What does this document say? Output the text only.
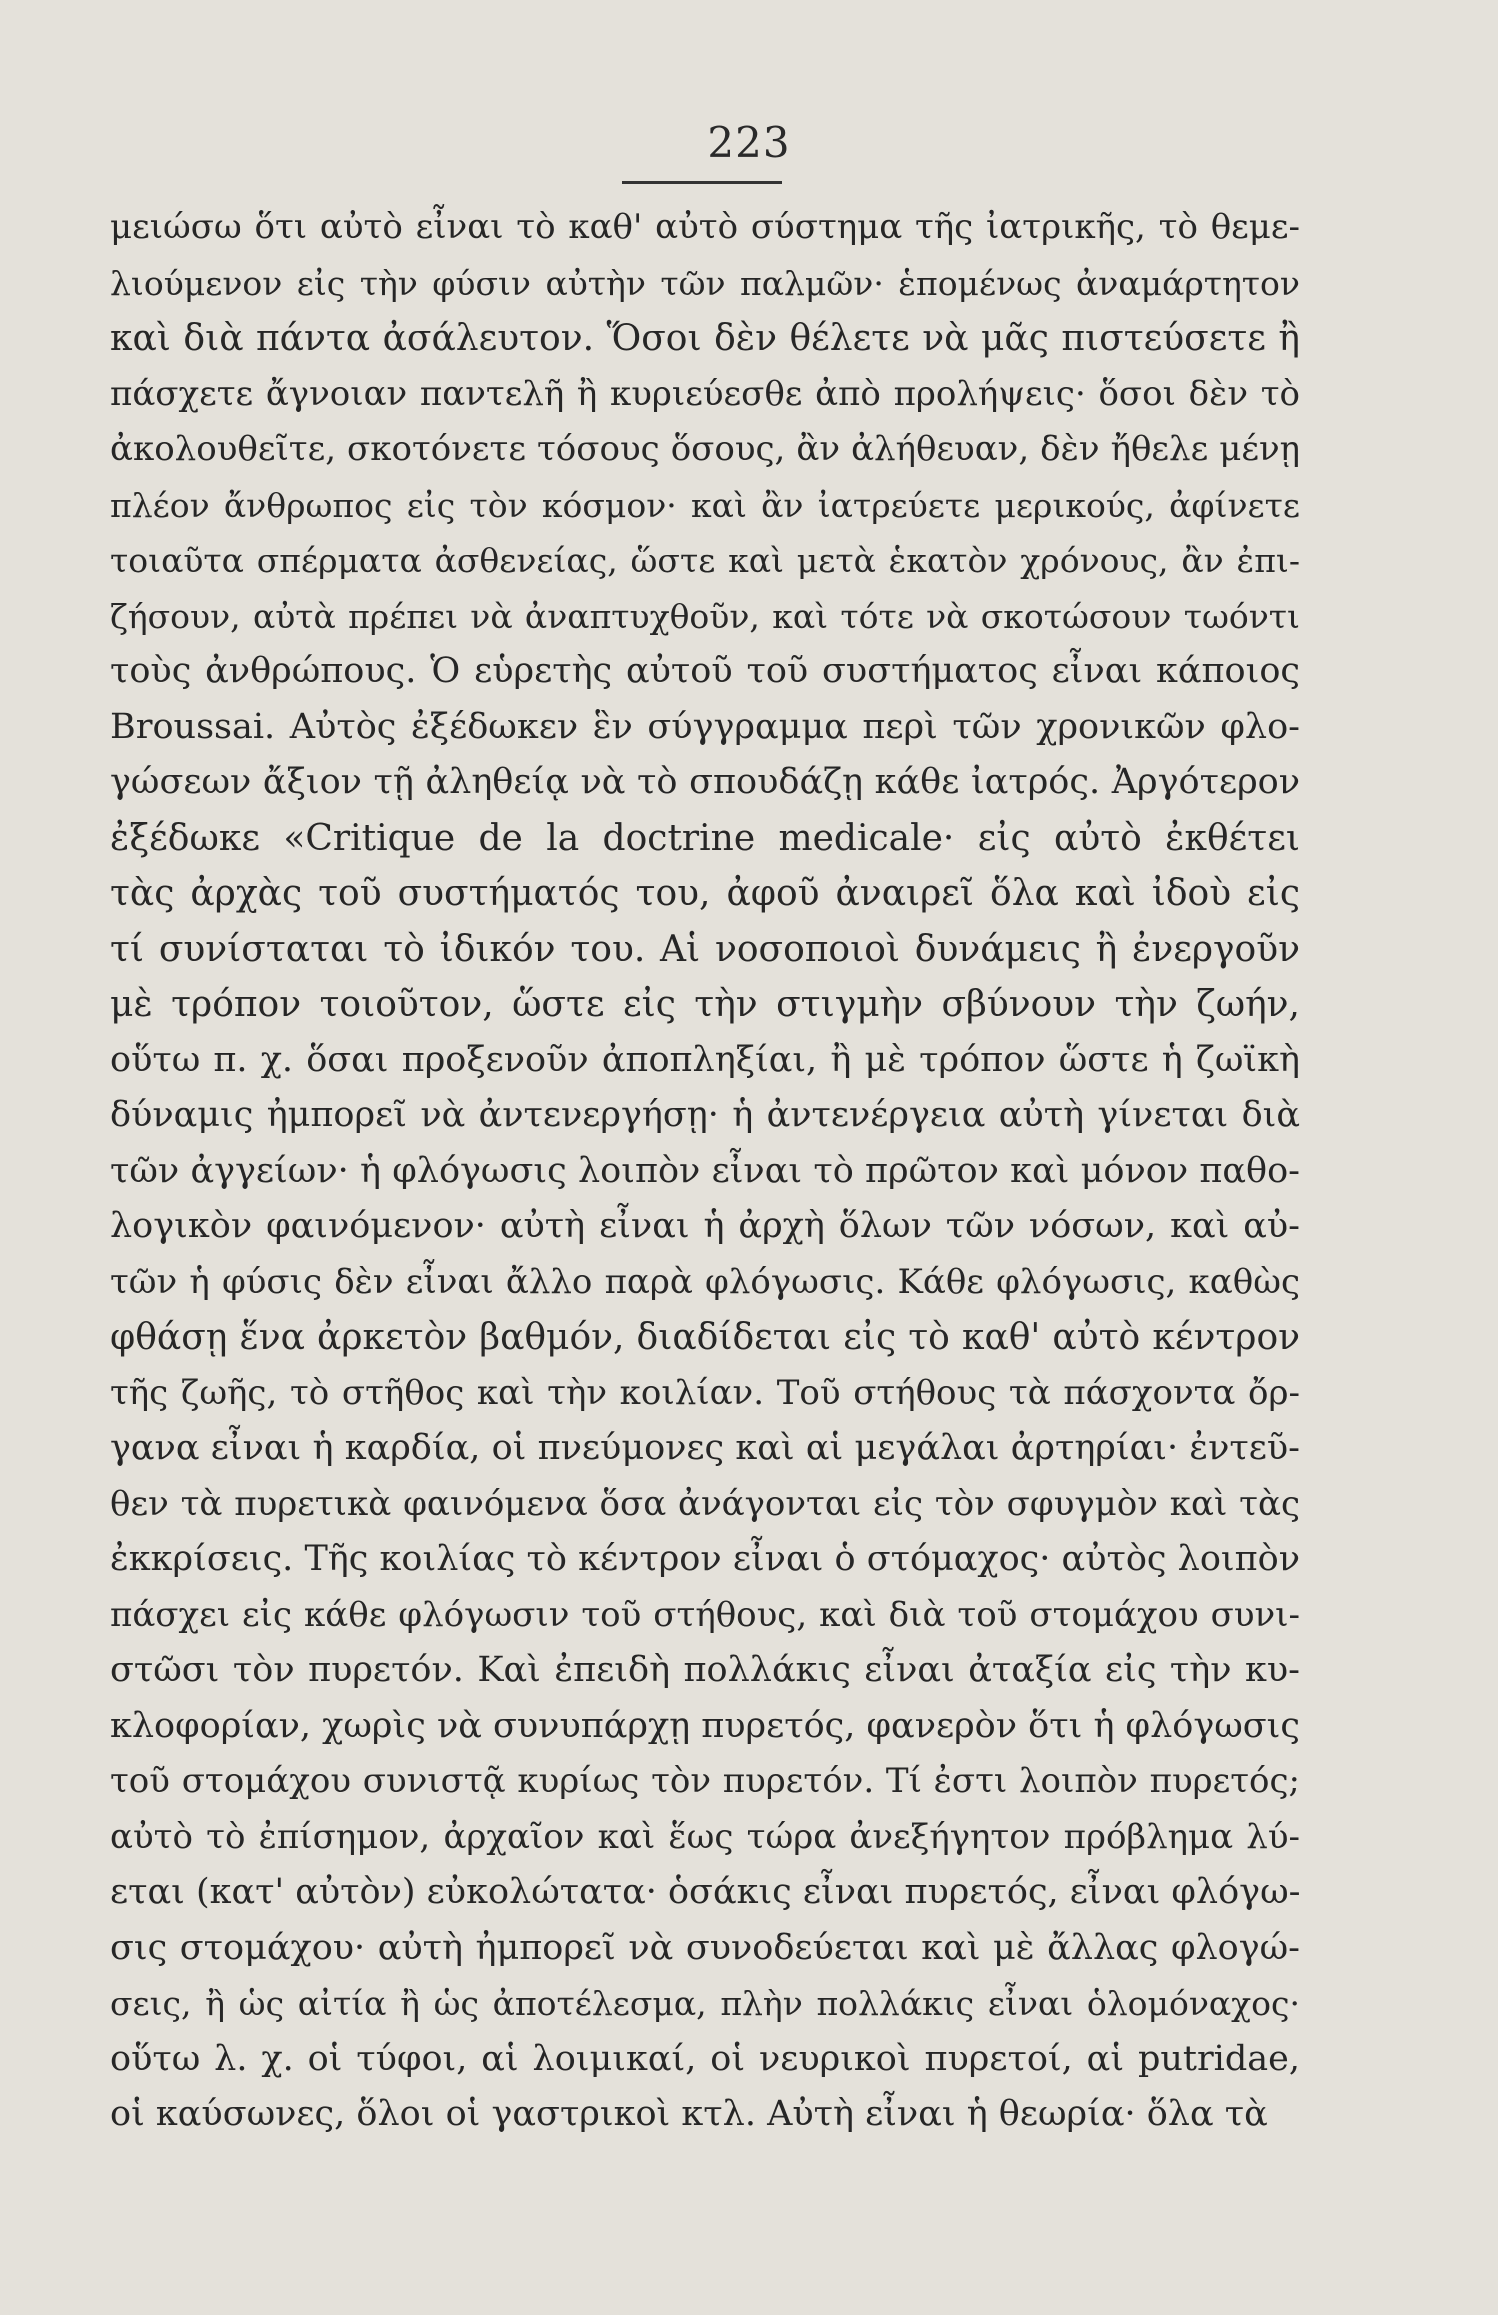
223
μειώσω ὅτι αὐτὸ εἶναι τὸ καθ' αὐτὸ σύστημα τῆς ἰατρικῆς, τὸ θεμε-
λιούμενον εἰς τὴν φύσιν αὐτὴν τῶν παλμῶν· ἑπομένως ἀναμάρτητον
καὶ διὰ πάντα ἀσάλευτον. Ὅσοι δὲν θέλετε νὰ μᾶς πιστεύσετε ἢ
πάσχετε ἄγνοιαν παντελῆ ἢ κυριεύεσθε ἀπὸ προλήψεις· ὅσοι δὲν τὸ
ἀκολουθεῖτε, σκοτόνετε τόσους ὅσους, ἂν ἀλήθευαν, δὲν ἤθελε μένῃ
πλέον ἄνθρωπος εἰς τὸν κόσμον· καὶ ἂν ἰατρεύετε μερικούς, ἀφίνετε
τοιαῦτα σπέρματα ἀσθενείας, ὥστε καὶ μετὰ ἑκατὸν χρόνους, ἂν ἐπι-
ζήσουν, αὐτὰ πρέπει νὰ ἀναπτυχθοῦν, καὶ τότε νὰ σκοτώσουν τωόντι
τοὺς ἀνθρώπους. Ὁ εὑρετὴς αὐτοῦ τοῦ συστήματος εἶναι κάποιος
Broussai. Αὐτὸς ἐξέδωκεν ἓν σύγγραμμα περὶ τῶν χρονικῶν φλο-
γώσεων ἄξιον τῇ ἀληθείᾳ νὰ τὸ σπουδάζῃ κάθε ἰατρός. Ἀργότερον
ἐξέδωκε «Critique de la doctrine medicale· εἰς αὐτὸ ἐκθέτει
τὰς ἀρχὰς τοῦ συστήματός του, ἀφοῦ ἀναιρεῖ ὅλα καὶ ἰδοὺ εἰς
τί συνίσταται τὸ ἰδικόν του. Αἱ νοσοποιοὶ δυνάμεις ἢ ἐνεργοῦν
μὲ τρόπον τοιοῦτον, ὥστε εἰς τὴν στιγμὴν σβύνουν τὴν ζωήν,
οὕτω π. χ. ὅσαι προξενοῦν ἀποπληξίαι, ἢ μὲ τρόπον ὥστε ἡ ζωϊκὴ
δύναμις ἠμπορεῖ νὰ ἀντενεργήσῃ· ἡ ἀντενέργεια αὐτὴ γίνεται διὰ
τῶν ἀγγείων· ἡ φλόγωσις λοιπὸν εἶναι τὸ πρῶτον καὶ μόνον παθο-
λογικὸν φαινόμενον· αὐτὴ εἶναι ἡ ἀρχὴ ὅλων τῶν νόσων, καὶ αὐ-
τῶν ἡ φύσις δὲν εἶναι ἄλλο παρὰ φλόγωσις. Κάθε φλόγωσις, καθὼς
φθάσῃ ἕνα ἀρκετὸν βαθμόν, διαδίδεται εἰς τὸ καθ' αὐτὸ κέντρον
τῆς ζωῆς, τὸ στῆθος καὶ τὴν κοιλίαν. Τοῦ στήθους τὰ πάσχοντα ὄρ-
γανα εἶναι ἡ καρδία, οἱ πνεύμονες καὶ αἱ μεγάλαι ἀρτηρίαι· ἐντεῦ-
θεν τὰ πυρετικὰ φαινόμενα ὅσα ἀνάγονται εἰς τὸν σφυγμὸν καὶ τὰς
ἐκκρίσεις. Τῆς κοιλίας τὸ κέντρον εἶναι ὁ στόμαχος· αὐτὸς λοιπὸν
πάσχει εἰς κάθε φλόγωσιν τοῦ στήθους, καὶ διὰ τοῦ στομάχου συνι-
στῶσι τὸν πυρετόν. Καὶ ἐπειδὴ πολλάκις εἶναι ἀταξία εἰς τὴν κυ-
κλοφορίαν, χωρὶς νὰ συνυπάρχῃ πυρετός, φανερὸν ὅτι ἡ φλόγωσις
τοῦ στομάχου συνιστᾷ κυρίως τὸν πυρετόν. Τί ἐστι λοιπὸν πυρετός;
αὐτὸ τὸ ἐπίσημον, ἀρχαῖον καὶ ἕως τώρα ἀνεξήγητον πρόβλημα λύ-
εται (κατ' αὐτὸν) εὐκολώτατα· ὁσάκις εἶναι πυρετός, εἶναι φλόγω-
σις στομάχου· αὐτὴ ἠμπορεῖ νὰ συνοδεύεται καὶ μὲ ἄλλας φλογώ-
σεις, ἢ ὡς αἰτία ἢ ὡς ἀποτέλεσμα, πλὴν πολλάκις εἶναι ὁλομόναχος·
οὕτω λ. χ. οἱ τύφοι, αἱ λοιμικαί, οἱ νευρικοὶ πυρετοί, αἱ putridae,
οἱ καύσωνες, ὅλοι οἱ γαστρικοὶ κτλ. Αὐτὴ εἶναι ἡ θεωρία· ὅλα τὰ
